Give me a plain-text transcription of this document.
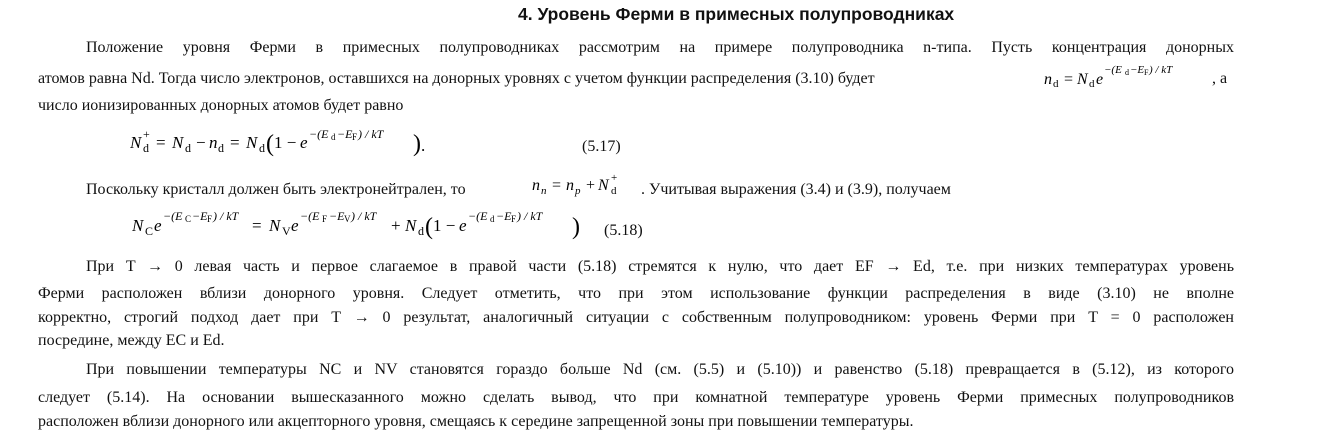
4. Уровень Ферми в примесных полупроводниках
Положение уровня Ферми в примесных полупроводниках рассмотрим на примере полупроводника n-типа. Пусть концентрация донорных
атомов равна Nd. Тогда число электронов, оставшихся на донорных уровнях с учетом функции распределения (3.10) будет	n d = N d e
−(E d −E F ) / kT , а
число ионизированных донорных атомов будет равно
N +
d = N d − n d = N d ( 1 − e −(E d −E F ) / kT ) .	(5.17)
Поскольку кристалл должен быть электронейтрален, то	n n = n p + N +
d . Учитывая выражения (3.4) и (3.9), получаем
N C e −(E C −E F ) / kT = N V e −(E F −E V ) / kT + N d ( 1 − e −(E d −E F ) / kT ) (5.18)
При T → 0 левая часть и первое слагаемое в правой части (5.18) стремятся к нулю, что дает EF → Ed, т.е. при низких температурах уровень
Ферми расположен вблизи донорного уровня. Следует отметить, что при этом использование функции распределения в виде (3.10) не вполне
корректно, строгий подход дает при T → 0 результат, аналогичный ситуации с собственным полупроводником: уровень Ферми при T = 0 расположен
посредине, между EC и Ed.
При повышении температуры NC и NV становятся гораздо больше Nd (см. (5.5) и (5.10)) и равенство (5.18) превращается в (5.12), из которого
следует (5.14). На основании вышесказанного можно сделать вывод, что при комнатной температуре уровень Ферми примесных полупроводников
расположен вблизи донорного или акцепторного уровня, смещаясь к середине запрещенной зоны при повышении температуры.
